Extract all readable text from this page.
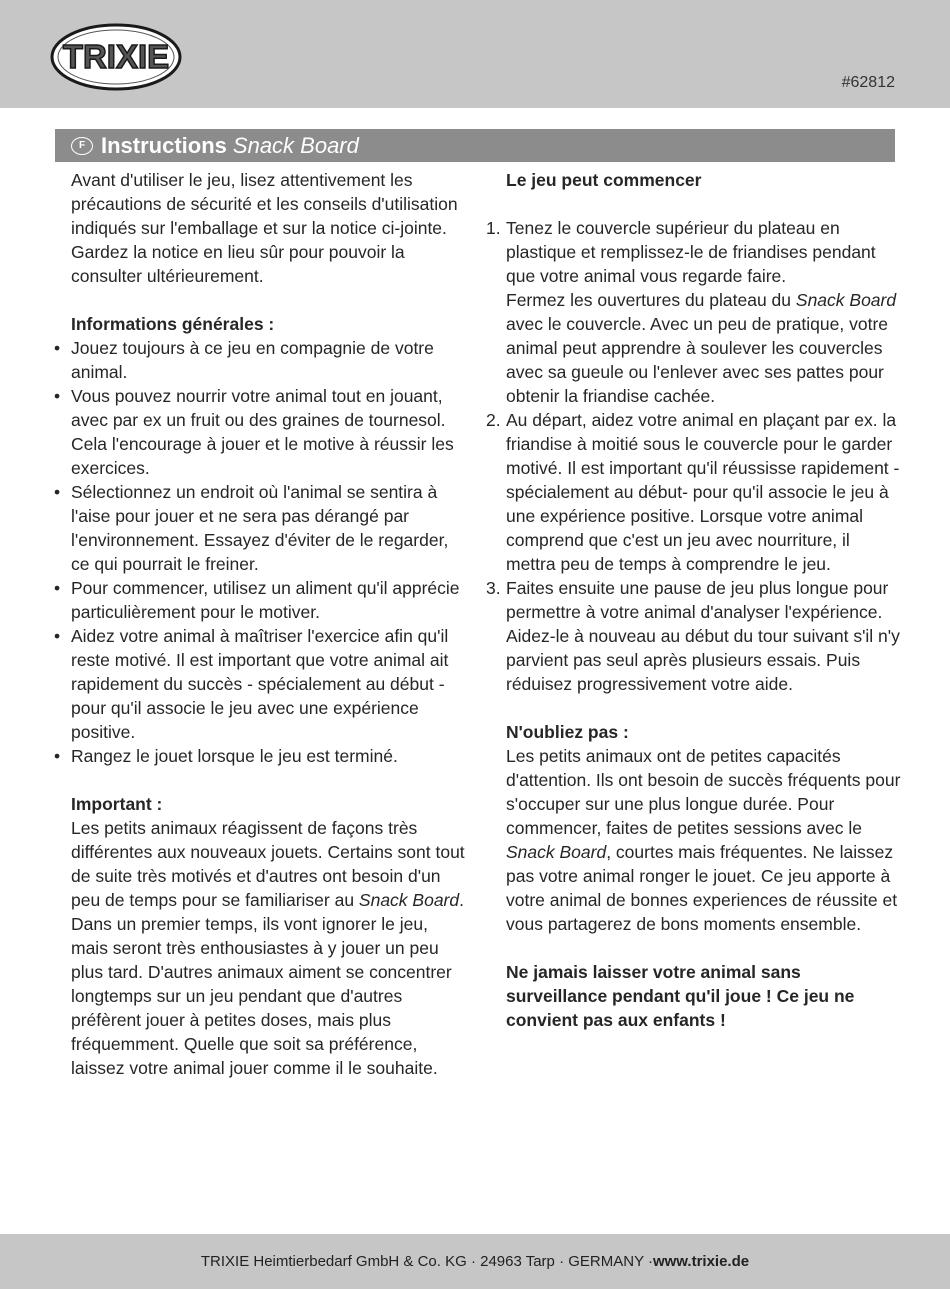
TRIXIE
#62812
F Instructions Snack Board

Avant d'utiliser le jeu, lisez attentivement les précautions de sécurité et les conseils d'utilisation indiqués sur l'emballage et sur la notice ci-jointe. Gardez la notice en lieu sûr pour pouvoir la consulter ultérieurement.

Informations générales :

• Jouez toujours à ce jeu en compagnie de votre animal.
• Vous pouvez nourrir votre animal tout en jouant, avec par ex un fruit ou des graines de tournesol. Cela l'encourage à jouer et le motive à réussir les exercices.
• Sélectionnez un endroit où l'animal se sentira à l'aise pour jouer et ne sera pas dérangé par l'environnement. Essayez d'éviter de le regarder, ce qui pourrait le freiner.
• Pour commencer, utilisez un aliment qu'il apprécie particulièrement pour le motiver.
• Aidez votre animal à maîtriser l'exercice afin qu'il reste motivé. Il est important que votre animal ait rapidement du succès - spécialement au début - pour qu'il associe le jeu avec une expérience positive.
• Rangez le jouet lorsque le jeu est terminé.

Important :

Les petits animaux réagissent de façons très différentes aux nouveaux jouets. Certains sont tout de suite très motivés et d'autres ont besoin d'un peu de temps pour se familiariser au Snack Board. Dans un premier temps, ils vont ignorer le jeu, mais seront très enthousiastes à y jouer un peu plus tard. D'autres animaux aiment se concentrer longtemps sur un jeu pendant que d'autres préfèrent jouer à petites doses, mais plus fréquemment. Quelle que soit sa préférence, laissez votre animal jouer comme il le souhaite.

Le jeu peut commencer

1. Tenez le couvercle supérieur du plateau en plastique et remplissez-le de friandises pendant que votre animal vous regarde faire.
Fermez les ouvertures du plateau du Snack Board avec le couvercle. Avec un peu de pratique, votre animal peut apprendre à soulever les couvercles avec sa gueule ou l'enlever avec ses pattes pour obtenir la friandise cachée.
2. Au départ, aidez votre animal en plaçant par ex. la friandise à moitié sous le couvercle pour le garder motivé. Il est important qu'il réussisse rapidement - spécialement au début- pour qu'il associe le jeu à une expérience positive. Lorsque votre animal comprend que c'est un jeu avec nourriture, il mettra peu de temps à comprendre le jeu.
3. Faites ensuite une pause de jeu plus longue pour permettre à votre animal d'analyser l'expérience. Aidez-le à nouveau au début du tour suivant s'il n'y parvient pas seul après plusieurs essais. Puis réduisez progressivement votre aide.

N'oubliez pas :

Les petits animaux ont de petites capacités d'attention. Ils ont besoin de succès fréquents pour s'occuper sur une plus longue durée. Pour commencer, faites de petites sessions avec le Snack Board, courtes mais fréquentes. Ne laissez pas votre animal ronger le jouet. Ce jeu apporte à votre animal de bonnes experiences de réussite et vous partagerez de bons moments ensemble.

Ne jamais laisser votre animal sans surveillance pendant qu'il joue ! Ce jeu ne convient pas aux enfants !

TRIXIE Heimtierbedarf GmbH & Co. KG · 24963 Tarp · GERMANY · www.trixie.de
